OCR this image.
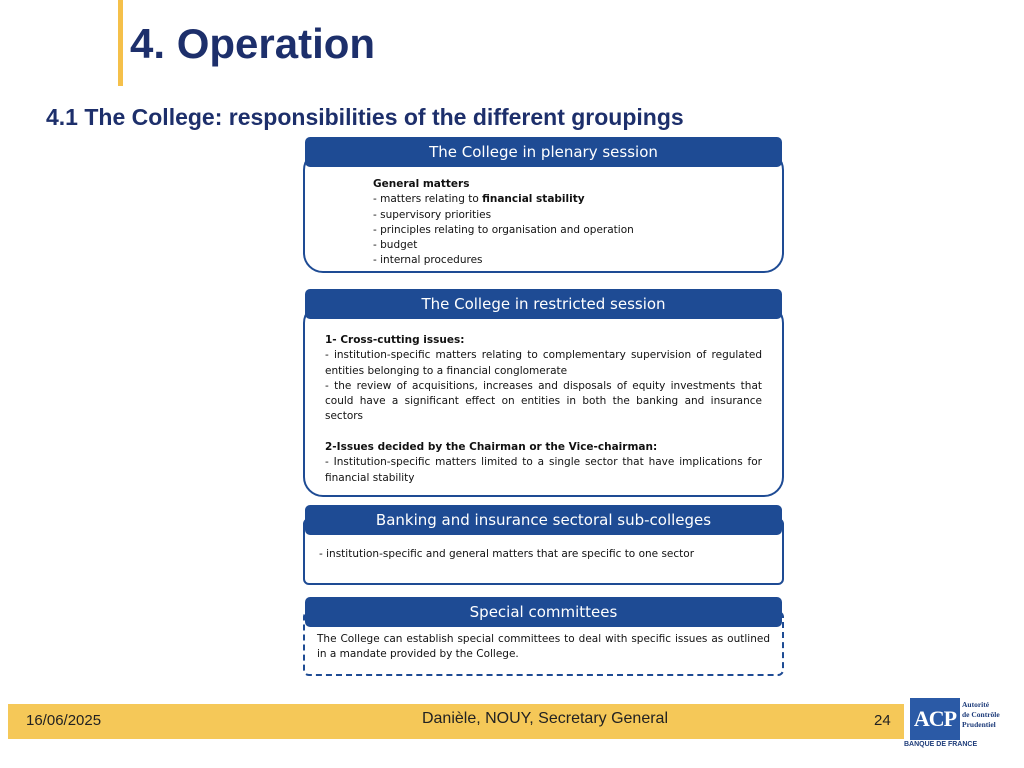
4. Operation
4.1 The College: responsibilities of the different groupings
The College in plenary session

General matters

- matters relating to financial stability

- supervisory priorities

- principles relating to organisation and operation

- budget

- internal procedures

The College in restricted session

1- Cross-cutting issues:

- institution-specific matters relating to complementary supervision of regulated entities belonging to a financial conglomerate

- the review of acquisitions, increases and disposals of equity investments that could have a significant effect on entities in both the banking and insurance sectors

2-Issues decided by the Chairman or the Vice-chairman:

- Institution-specific matters limited to a single sector that have implications for financial stability

Banking and insurance sectoral sub-colleges

- institution-specific and general matters that are specific to one sector

Special committees

The College can establish special committees to deal with specific issues as outlined in a mandate provided by the College.

16/06/2025	Danièle, NOUY, Secretary General	24 ACP
Autorité
de Contrôle
Prudentiel
BANQUE DE FRANCE
